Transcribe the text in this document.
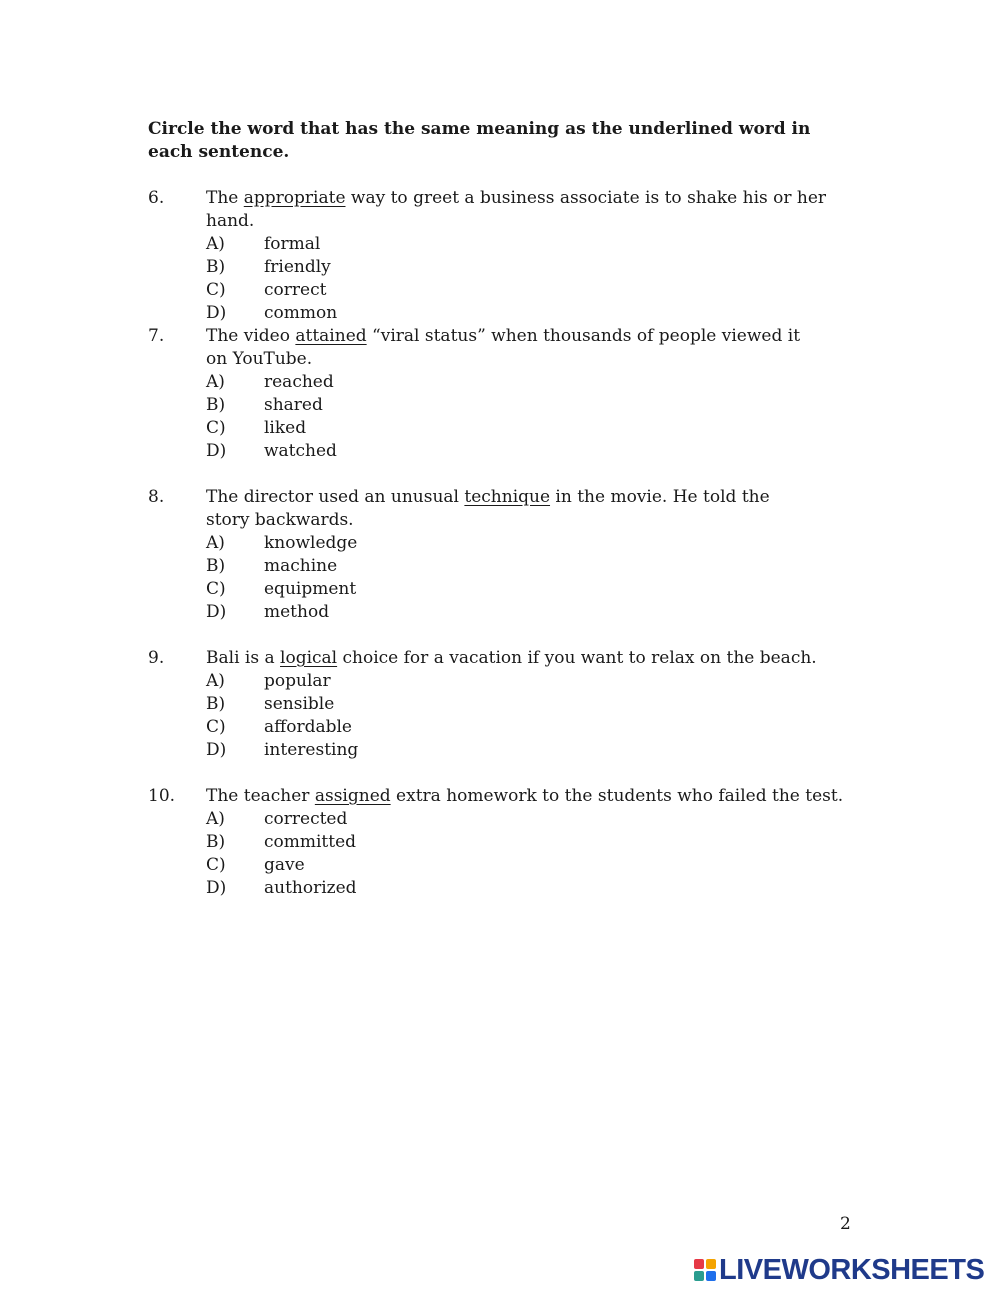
Circle the word that has the same meaning as the underlined word in each sentence.
6.	The appropriate way to greet a business associate is to shake his or her hand.
A)	formal
B)	friendly
C)	correct
D)	common
7.	The video attained “viral status” when thousands of people viewed it on YouTube.
A)	reached
B)	shared
C)	liked
D)	watched
8.	The director used an unusual technique in the movie. He told the story backwards.
A)	knowledge
B)	machine
C)	equipment
D)	method
9.	Bali is a logical choice for a vacation if you want to relax on the beach.
A)	popular
B)	sensible
C)	affordable
D)	interesting
10.	The teacher assigned extra homework to the students who failed the test.
A)	corrected
B)	committed
C)	gave
D)	authorized
2
LIVEWORKSHEETS
